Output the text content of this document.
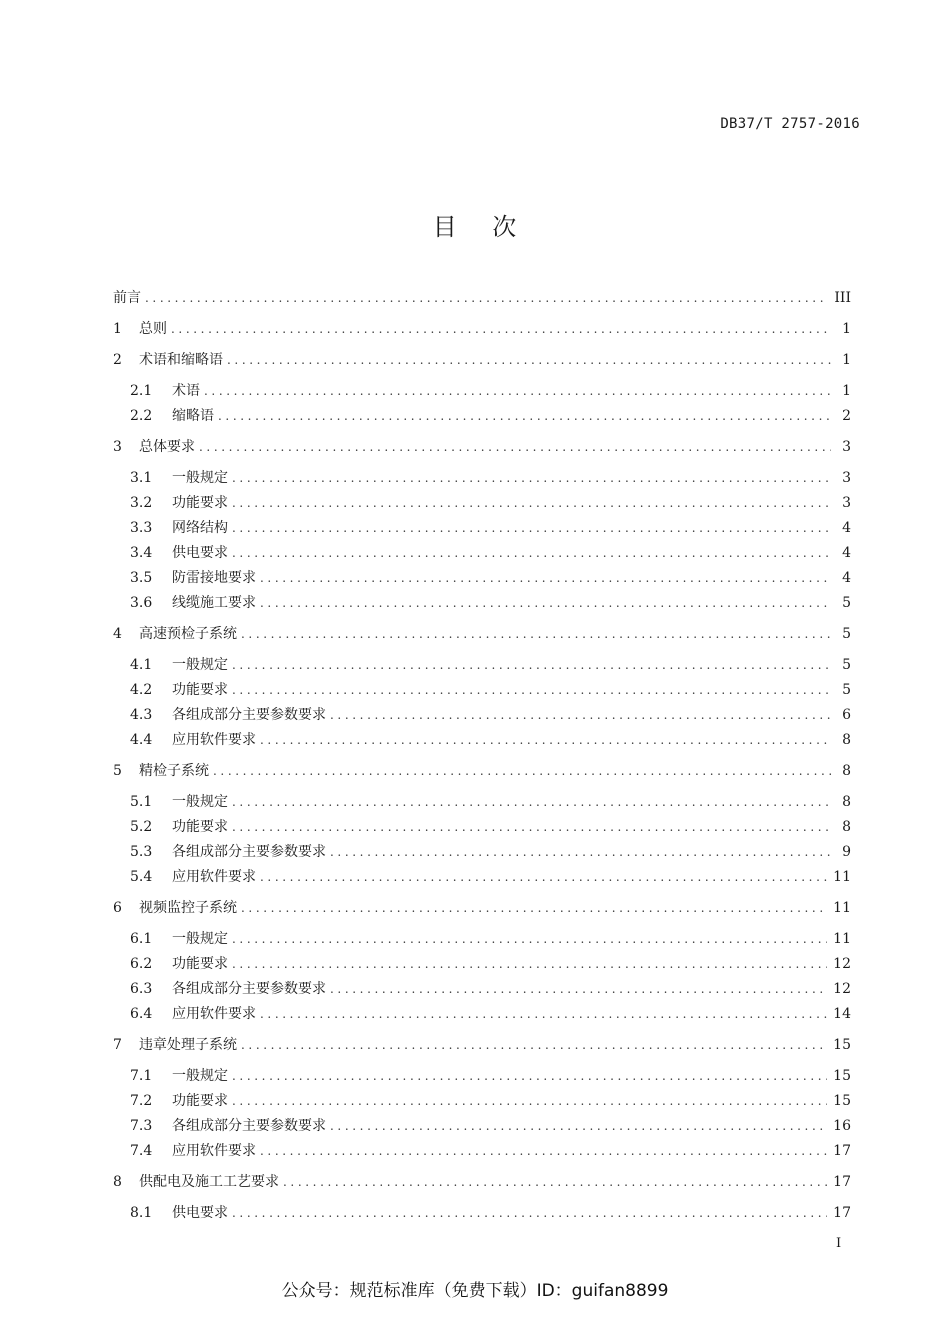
DB37/T 2757-2016
目    次
前言 .....	III
1	总则 .....	1
2	术语和缩略语 .....	1
2.1	术语 .....	1
2.2	缩略语 .....	2
3	总体要求 .....	3
3.1	一般规定 .....	3
3.2	功能要求 .....	3
3.3	网络结构 .....	4
3.4	供电要求 .....	4
3.5	防雷接地要求 .....	4
3.6	线缆施工要求 .....	5
4	高速预检子系统 .....	5
4.1	一般规定 .....	5
4.2	功能要求 .....	5
4.3	各组成部分主要参数要求 .....	6
4.4	应用软件要求 .....	8
5	精检子系统 .....	8
5.1	一般规定 .....	8
5.2	功能要求 .....	8
5.3	各组成部分主要参数要求 .....	9
5.4	应用软件要求 .....	11
6	视频监控子系统 .....	11
6.1	一般规定 .....	11
6.2	功能要求 .....	12
6.3	各组成部分主要参数要求 .....	12
6.4	应用软件要求 .....	14
7	违章处理子系统 .....	15
7.1	一般规定 .....	15
7.2	功能要求 .....	15
7.3	各组成部分主要参数要求 .....	16
7.4	应用软件要求 .....	17
8	供配电及施工工艺要求 .....	17
8.1	供电要求 .....	17
I
公众号：规范标准库（免费下载）ID：guifan8899
